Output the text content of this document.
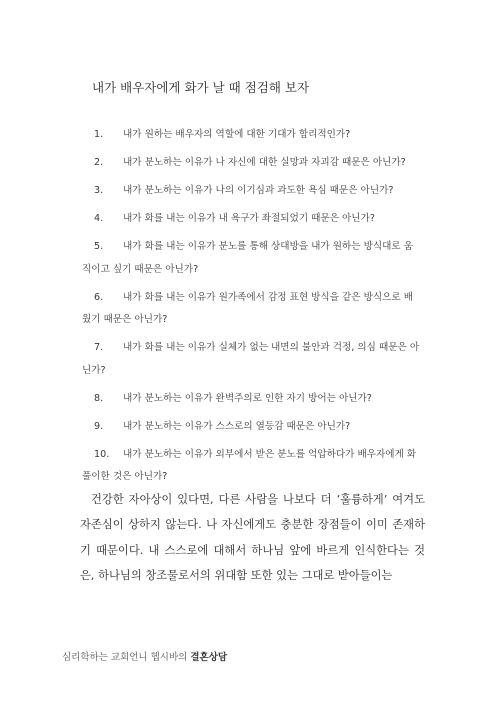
내가 배우자에게 화가 날 때 점검해 보자
1.	내가 원하는 배우자의 역할에 대한 기대가 합리적인가?
2.	내가 분노하는 이유가 나 자신에 대한 실망과 자괴감 때문은 아닌가?
3.	내가 분노하는 이유가 나의 이기심과 과도한 욕심 때문은 아닌가?
4.	내가 화를 내는 이유가 내 욕구가 좌절되었기 때문은 아닌가?
5.	내가 화를 내는 이유가 분노를 통해 상대방을 내가 원하는 방식대로 움직이고 싶기 때문은 아닌가?
6.	내가 화를 내는 이유가 원가족에서 감정 표현 방식을 같은 방식으로 배웠기 때문은 아닌가?
7.	내가 화를 내는 이유가 실체가 없는 내면의 불안과 걱정, 의심 때문은 아닌가?
8.	내가 분노하는 이유가 완벽주의로 인한 자기 방어는 아닌가?
9.	내가 분노하는 이유가 스스로의 열등감 때문은 아닌가?
10.	내가 분노하는 이유가 외부에서 받은 분노를 억압하다가 배우자에게 화풀이한 것은 아닌가?
건강한 자아상이 있다면, 다른 사람을 나보다 더 ‘훌륭하게’ 여겨도 자존심이 상하지 않는다. 나 자신에게도 충분한 장점들이 이미 존재하기 때문이다. 내 스스로에 대해서 하나님 앞에 바르게 인식한다는 것은, 하나님의 창조물로서의 위대함 또한 있는 그대로 받아들이는
심리학하는 교회언니 헵시바의 결혼상담
